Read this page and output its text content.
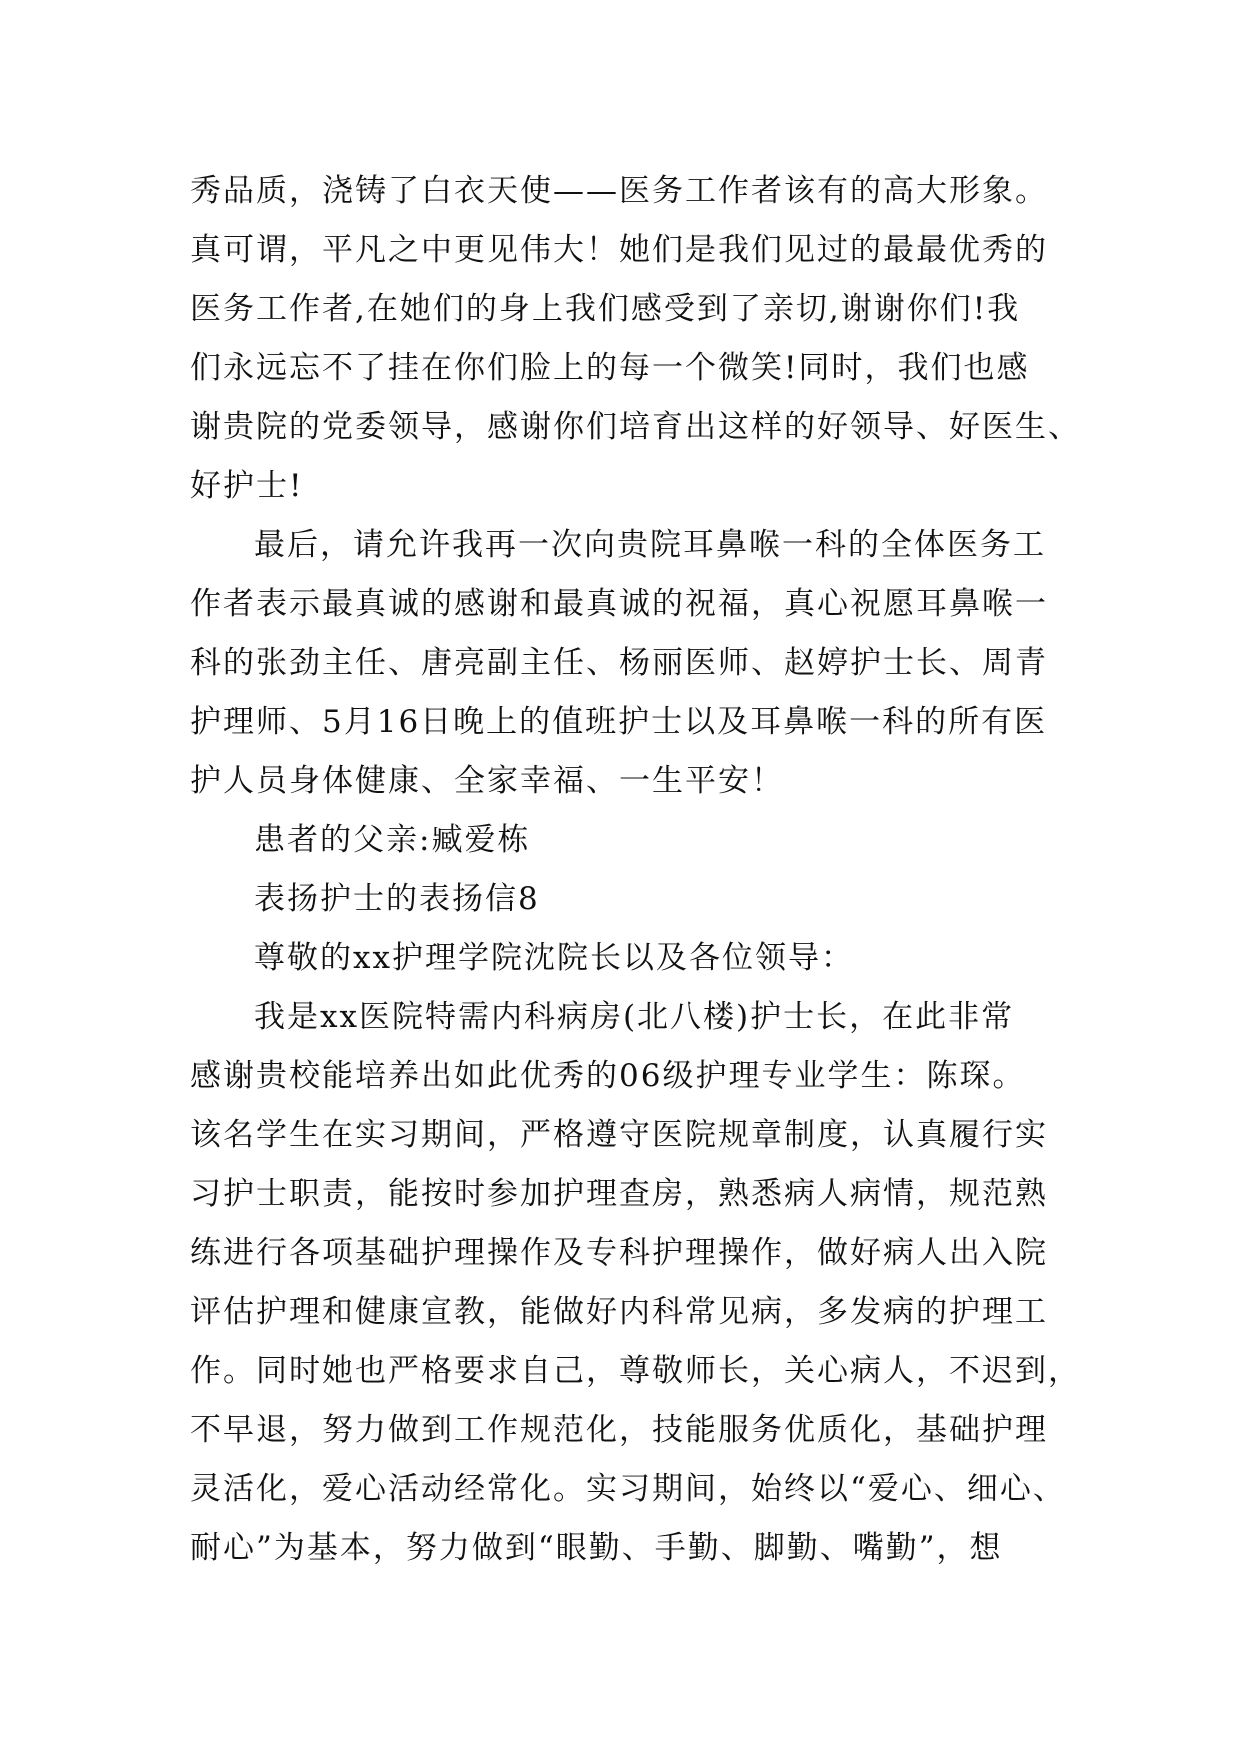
秀品质，浇铸了白衣天使——医务工作者该有的高大形象。
真可谓，平凡之中更见伟大！她们是我们见过的最最优秀的
医务工作者,在她们的身上我们感受到了亲切,谢谢你们!我
们永远忘不了挂在你们脸上的每一个微笑!同时，我们也感
谢贵院的党委领导，感谢你们培育出这样的好领导、好医生、
好护士!
最后，请允许我再一次向贵院耳鼻喉一科的全体医务工
作者表示最真诚的感谢和最真诚的祝福，真心祝愿耳鼻喉一
科的张劲主任、唐亮副主任、杨丽医师、赵婷护士长、周青
护理师、5月16日晚上的值班护士以及耳鼻喉一科的所有医
护人员身体健康、全家幸福、一生平安！
患者的父亲:臧爱栋
表扬护士的表扬信8
尊敬的xx护理学院沈院长以及各位领导：
我是xx医院特需内科病房(北八楼)护士长，在此非常
感谢贵校能培养出如此优秀的06级护理专业学生：陈琛。
该名学生在实习期间，严格遵守医院规章制度，认真履行实
习护士职责，能按时参加护理查房，熟悉病人病情，规范熟
练进行各项基础护理操作及专科护理操作，做好病人出入院
评估护理和健康宣教，能做好内科常见病，多发病的护理工
作。同时她也严格要求自己，尊敬师长，关心病人，不迟到，
不早退，努力做到工作规范化，技能服务优质化，基础护理
灵活化，爱心活动经常化。实习期间，始终以“爱心、细心、
耐心”为基本，努力做到“眼勤、手勤、脚勤、嘴勤”，想
